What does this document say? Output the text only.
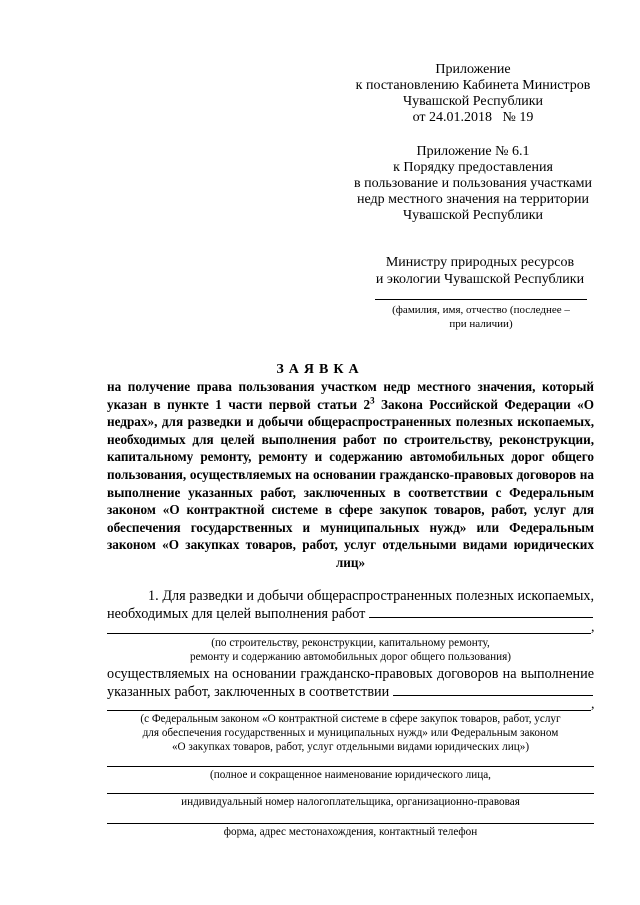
Приложение
к постановлению Кабинета Министров
Чувашской Республики
от 24.01.2018   № 19
Приложение № 6.1
к Порядку предоставления
в пользование и пользования участками
недр местного значения на территории
Чувашской Республики
Министру природных ресурсов
и экологии Чувашской Республики
(фамилия, имя, отчество (последнее –
при наличии)
ЗАЯВКА
на получение права пользования участком недр местного значения, который указан в пункте 1 части первой статьи $2^3$ Закона Российской Федерации «О недрах», для разведки и добычи общераспространенных полезных ископаемых, необходимых для целей выполнения работ по строительству, реконструкции, капитальному ремонту, ремонту и содержанию автомобильных дорог общего пользования, осуществляемых на основании гражданско-правовых договоров на выполнение указанных работ, заключенных в соответствии с Федеральным законом «О контрактной системе в сфере закупок товаров, работ, услуг для обеспечения государственных и муниципальных нужд» или Федеральным законом «О закупках товаров, работ, услуг отдельными видами юридических лиц»
1. Для разведки и добычи общераспространенных полезных ископаемых,
необходимых для целей выполнения работ
,
(по строительству, реконструкции, капитальному ремонту,
ремонту и содержанию автомобильных дорог общего пользования)
осуществляемых на основании гражданско-правовых договоров на выполнение
указанных работ, заключенных в соответствии
,
(с Федеральным законом «О контрактной системе в сфере закупок товаров, работ, услуг
для обеспечения государственных и муниципальных нужд» или Федеральным законом
«О закупках товаров, работ, услуг отдельными видами юридических лиц»)
(полное и сокращенное наименование юридического лица,
индивидуальный номер налогоплательщика, организационно-правовая
форма, адрес местонахождения, контактный телефон
